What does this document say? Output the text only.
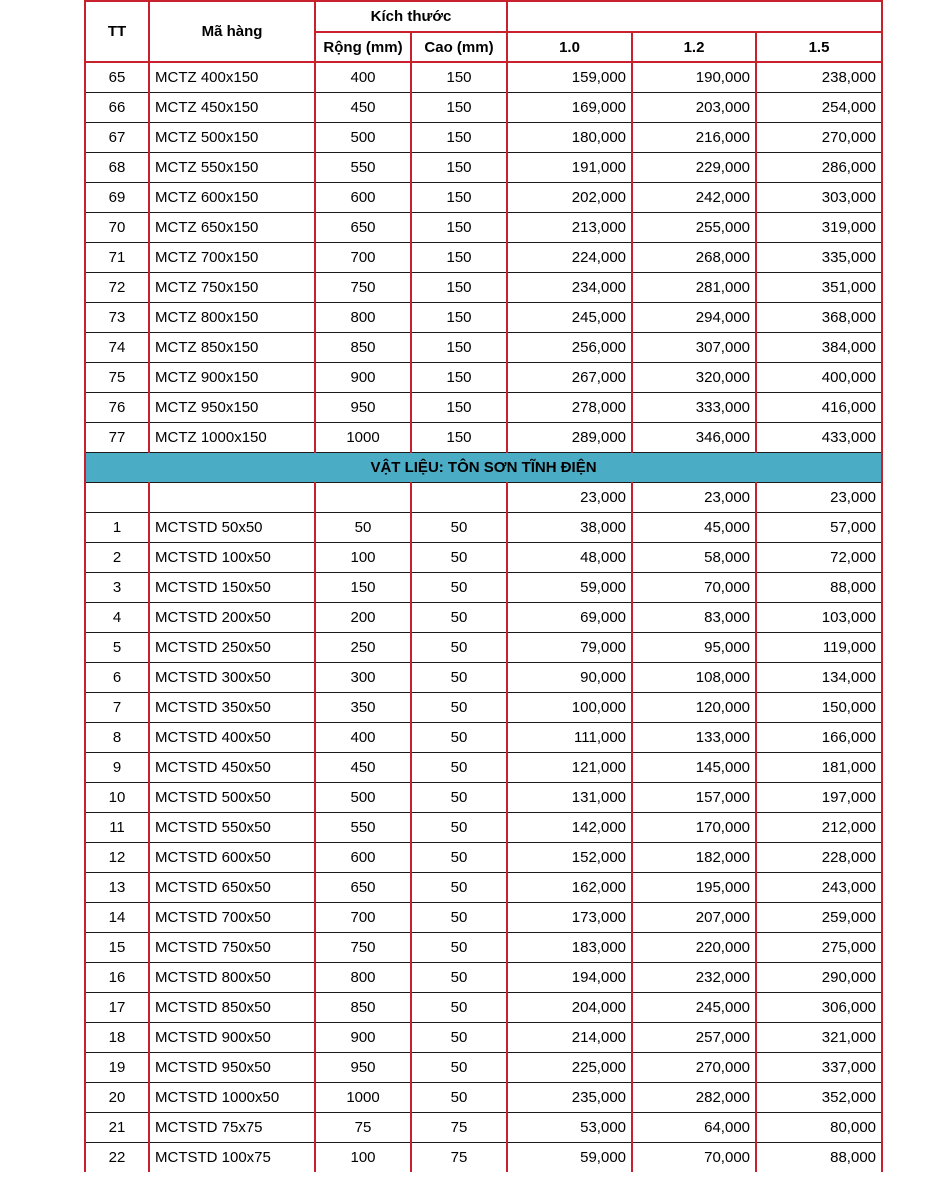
TT	Mã hàng	Kích thước				
		Rộng (mm)	Cao (mm)	1.0	1.2	1.5
65	MCTZ 400x150	400	150	159,000	190,000	238,000
66	MCTZ 450x150	450	150	169,000	203,000	254,000
67	MCTZ 500x150	500	150	180,000	216,000	270,000
68	MCTZ 550x150	550	150	191,000	229,000	286,000
69	MCTZ 600x150	600	150	202,000	242,000	303,000
70	MCTZ 650x150	650	150	213,000	255,000	319,000
71	MCTZ 700x150	700	150	224,000	268,000	335,000
72	MCTZ 750x150	750	150	234,000	281,000	351,000
73	MCTZ 800x150	800	150	245,000	294,000	368,000
74	MCTZ 850x150	850	150	256,000	307,000	384,000
75	MCTZ 900x150	900	150	267,000	320,000	400,000
76	MCTZ 950x150	950	150	278,000	333,000	416,000
77	MCTZ 1000x150	1000	150	289,000	346,000	433,000
VẬT LIỆU: TÔN SƠN TĨNH ĐIỆN						
				23,000	23,000	23,000
1	MCTSTD 50x50	50	50	38,000	45,000	57,000
2	MCTSTD 100x50	100	50	48,000	58,000	72,000
3	MCTSTD 150x50	150	50	59,000	70,000	88,000
4	MCTSTD 200x50	200	50	69,000	83,000	103,000
5	MCTSTD 250x50	250	50	79,000	95,000	119,000
6	MCTSTD 300x50	300	50	90,000	108,000	134,000
7	MCTSTD 350x50	350	50	100,000	120,000	150,000
8	MCTSTD 400x50	400	50	111,000	133,000	166,000
9	MCTSTD 450x50	450	50	121,000	145,000	181,000
10	MCTSTD 500x50	500	50	131,000	157,000	197,000
11	MCTSTD 550x50	550	50	142,000	170,000	212,000
12	MCTSTD 600x50	600	50	152,000	182,000	228,000
13	MCTSTD 650x50	650	50	162,000	195,000	243,000
14	MCTSTD 700x50	700	50	173,000	207,000	259,000
15	MCTSTD 750x50	750	50	183,000	220,000	275,000
16	MCTSTD 800x50	800	50	194,000	232,000	290,000
17	MCTSTD 850x50	850	50	204,000	245,000	306,000
18	MCTSTD 900x50	900	50	214,000	257,000	321,000
19	MCTSTD 950x50	950	50	225,000	270,000	337,000
20	MCTSTD 1000x50	1000	50	235,000	282,000	352,000
21	MCTSTD 75x75	75	75	53,000	64,000	80,000
22	MCTSTD 100x75	100	75	59,000	70,000	88,000
